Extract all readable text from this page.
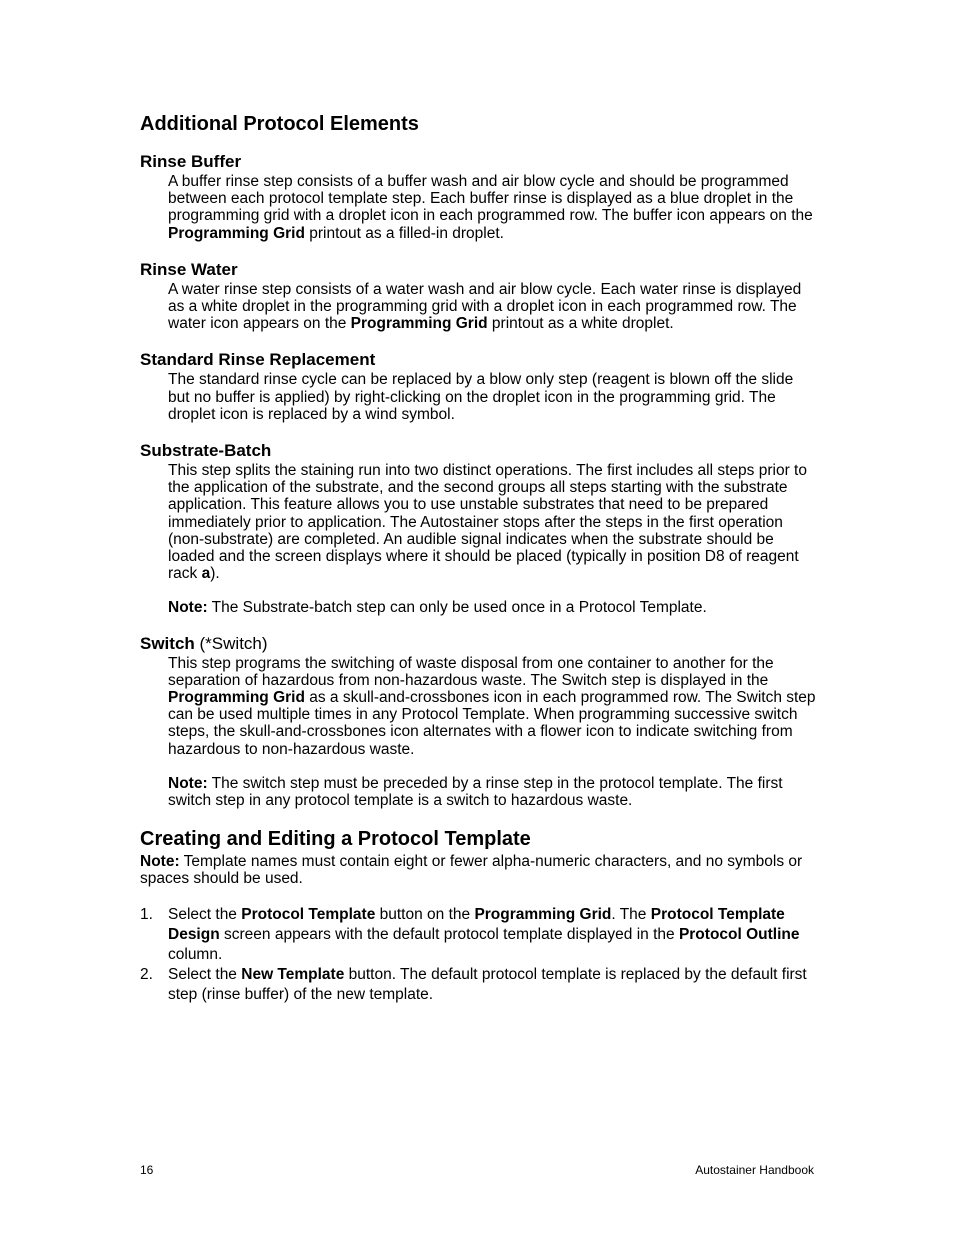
Additional Protocol Elements
Rinse Buffer

A buffer rinse step consists of a buffer wash and air blow cycle and should be programmed between each protocol template step. Each buffer rinse is displayed as a blue droplet in the programming grid with a droplet icon in each programmed row. The buffer icon appears on the Programming Grid printout as a filled-in droplet.

Rinse Water

A water rinse step consists of a water wash and air blow cycle. Each water rinse is displayed as a white droplet in the programming grid with a droplet icon in each programmed row. The water icon appears on the Programming Grid printout as a white droplet.

Standard Rinse Replacement

The standard rinse cycle can be replaced by a blow only step (reagent is blown off the slide but no buffer is applied) by right-clicking on the droplet icon in the programming grid. The droplet icon is replaced by a wind symbol.

Substrate-Batch

This step splits the staining run into two distinct operations. The first includes all steps prior to the application of the substrate, and the second groups all steps starting with the substrate application. This feature allows you to use unstable substrates that need to be prepared immediately prior to application. The Autostainer stops after the steps in the first operation (non-substrate) are completed. An audible signal indicates when the substrate should be loaded and the screen displays where it should be placed (typically in position D8 of reagent rack a).

Note: The Substrate-batch step can only be used once in a Protocol Template.

Switch (*Switch)

This step programs the switching of waste disposal from one container to another for the separation of hazardous from non-hazardous waste. The Switch step is displayed in the Programming Grid as a skull-and-crossbones icon in each programmed row. The Switch step can be used multiple times in any Protocol Template. When programming successive switch steps, the skull-and-crossbones icon alternates with a flower icon to indicate switching from hazardous to non-hazardous waste.

Note: The switch step must be preceded by a rinse step in the protocol template. The first switch step in any protocol template is a switch to hazardous waste.

Creating and Editing a Protocol Template

Note: Template names must contain eight or fewer alpha-numeric characters, and no symbols or spaces should be used.

1. Select the Protocol Template button on the Programming Grid. The Protocol Template Design screen appears with the default protocol template displayed in the Protocol Outline column.
2. Select the New Template button. The default protocol template is replaced by the default first step (rinse buffer) of the new template.
16	Autostainer Handbook
